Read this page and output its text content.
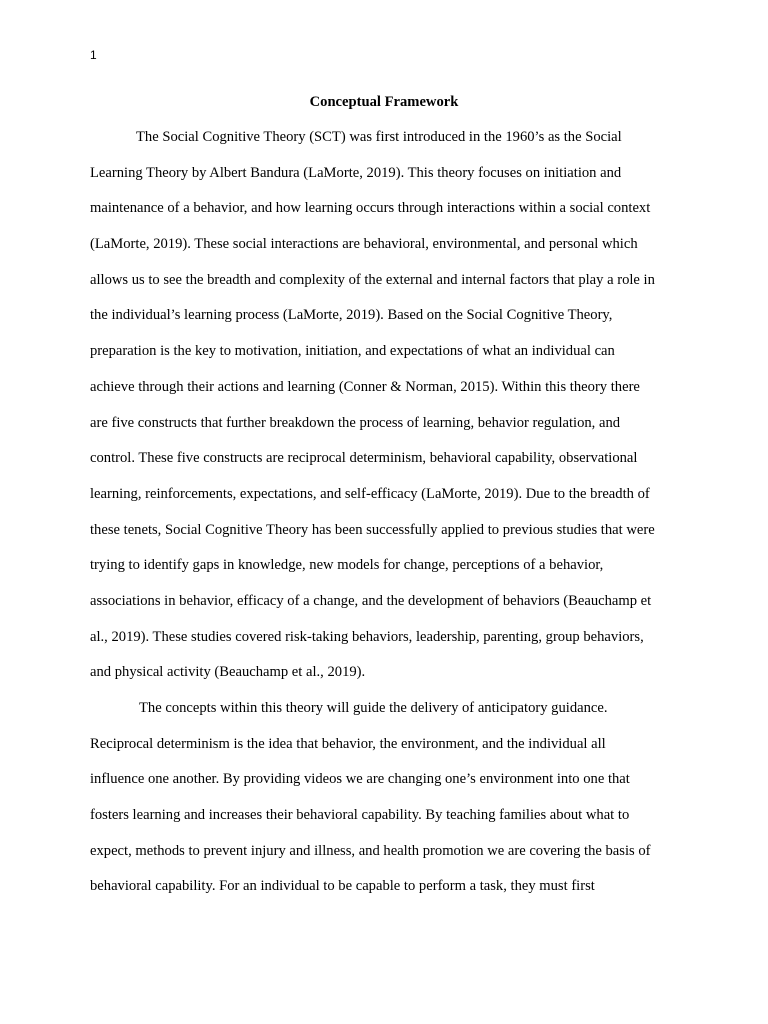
1
Conceptual Framework
The Social Cognitive Theory (SCT) was first introduced in the 1960’s as the Social
Learning Theory by Albert Bandura (LaMorte, 2019). This theory focuses on initiation and
maintenance of a behavior, and how learning occurs through interactions within a social context
(LaMorte, 2019). These social interactions are behavioral, environmental, and personal which
allows us to see the breadth and complexity of the external and internal factors that play a role in
the individual’s learning process (LaMorte, 2019). Based on the Social Cognitive Theory,
preparation is the key to motivation, initiation, and expectations of what an individual can
achieve through their actions and learning (Conner & Norman, 2015). Within this theory there
are five constructs that further breakdown the process of learning, behavior regulation, and
control. These five constructs are reciprocal determinism, behavioral capability, observational
learning, reinforcements, expectations, and self-efficacy (LaMorte, 2019). Due to the breadth of
these tenets, Social Cognitive Theory has been successfully applied to previous studies that were
trying to identify gaps in knowledge, new models for change, perceptions of a behavior,
associations in behavior, efficacy of a change, and the development of behaviors (Beauchamp et
al., 2019). These studies covered risk-taking behaviors, leadership, parenting, group behaviors,
and physical activity (Beauchamp et al., 2019).
The concepts within this theory will guide the delivery of anticipatory guidance.
Reciprocal determinism is the idea that behavior, the environment, and the individual all
influence one another. By providing videos we are changing one’s environment into one that
fosters learning and increases their behavioral capability. By teaching families about what to
expect, methods to prevent injury and illness, and health promotion we are covering the basis of
behavioral capability. For an individual to be capable to perform a task, they must first
